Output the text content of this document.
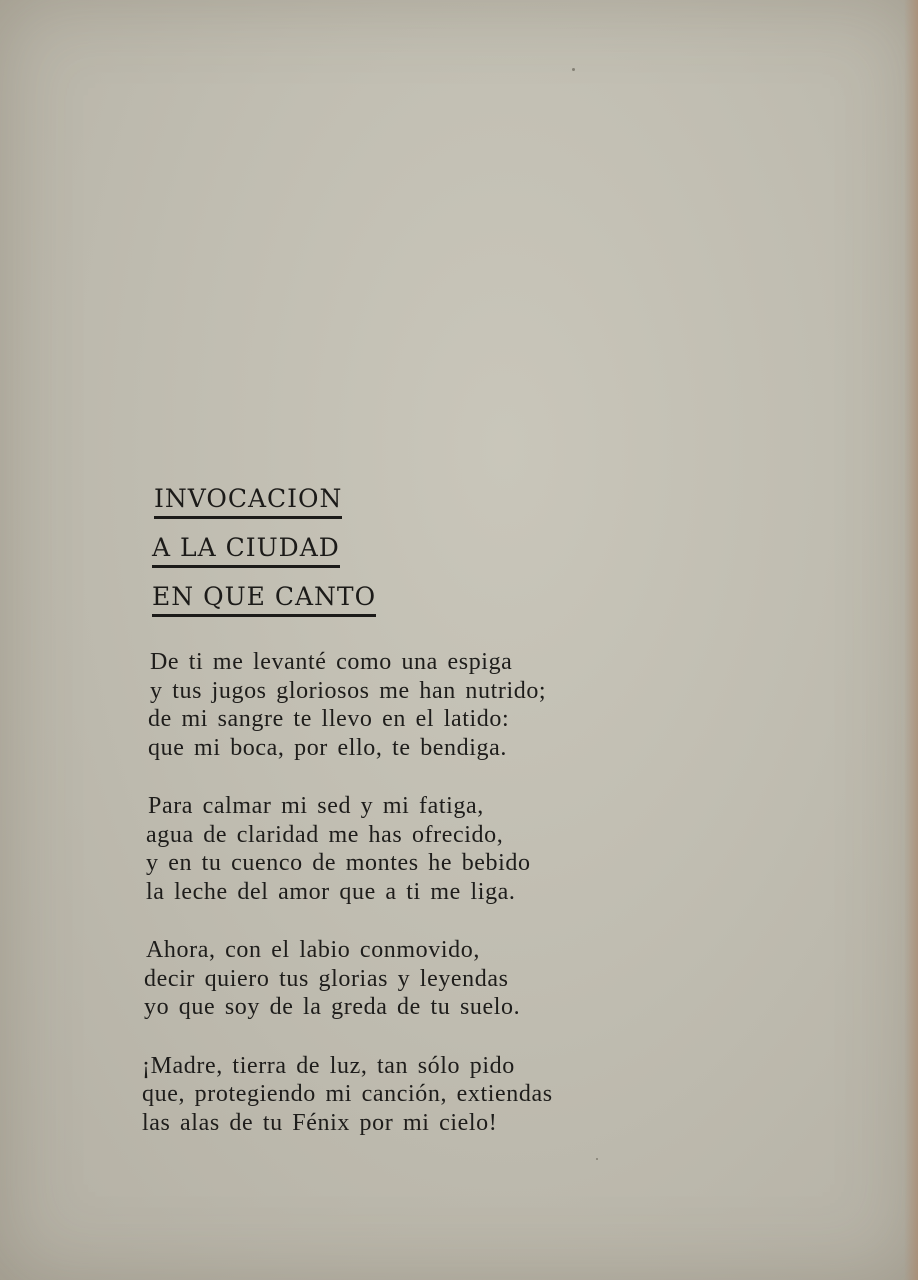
INVOCACION
A LA CIUDAD
EN QUE CANTO
De ti me levanté como una espiga
y tus jugos gloriosos me han nutrido;
de mi sangre te llevo en el latido:
que mi boca, por ello, te bendiga.
Para calmar mi sed y mi fatiga,
agua de claridad me has ofrecido,
y en tu cuenco de montes he bebido
la leche del amor que a ti me liga.
Ahora, con el labio conmovido,
decir quiero tus glorias y leyendas
yo que soy de la greda de tu suelo.
¡Madre, tierra de luz, tan sólo pido
que, protegiendo mi canción, extiendas
las alas de tu Fénix por mi cielo!
